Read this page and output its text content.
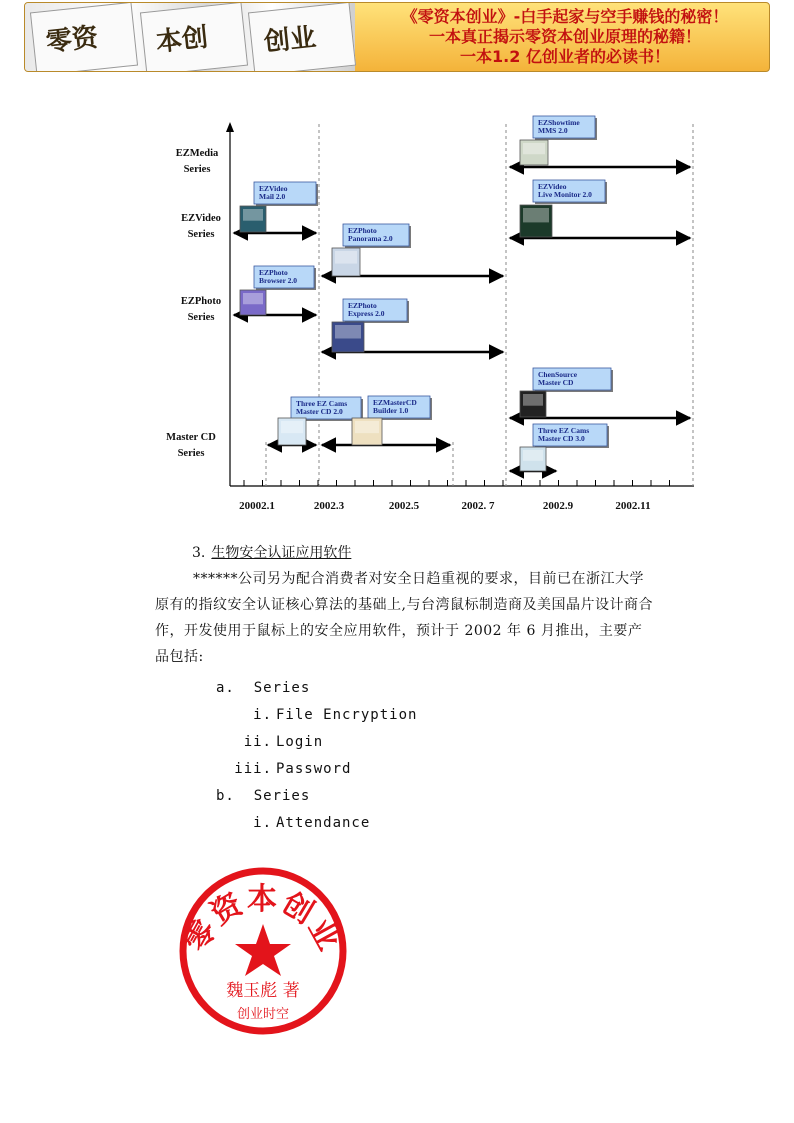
零资 本创 创业
《零资本创业》-白手起家与空手赚钱的秘密！
一本真正揭示零资本创业原理的秘籍！
一本1.2 亿创业者的必读书！
EZMedia
Series
EZVideo
Series
EZPhoto
Series
Master CD
Series
20002.1	2002.3	2002.5	2002. 7	2002.9	2002.11
EZShowtime
MMS 2.0
EZVideo
Mail 2.0
EZVideo
Live Monitor 2.0
EZPhoto
Panorama 2.0
EZPhoto
Browser 2.0
EZPhoto
Express 2.0
ChenSource
Master CD
Three EZ Cams
Master CD 2.0
EZMasterCD
Builder 1.0
Three EZ Cams
Master CD 3.0
3. 生物安全认证应用软件
******公司另为配合消费者对安全日趋重视的要求，目前已在浙江大学原有的指纹安全认证核心算法的基础上,与台湾鼠标制造商及美国晶片设计商合作，开发使用于鼠标上的安全应用软件，预计于 2002 年 6 月推出，主要产品包括:
a. Series
i. File Encryption
ii. Login
iii. Password
b. Series
i. Attendance
零资本创业
魏玉彪 著
创业时空
